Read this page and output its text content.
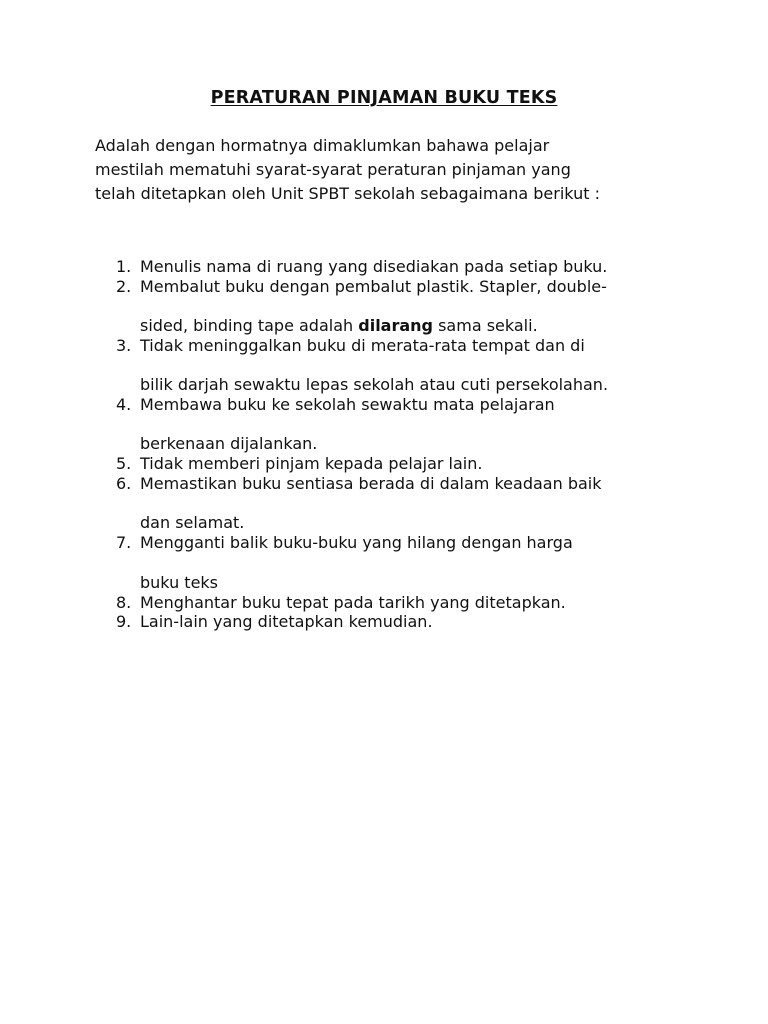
PERATURAN PINJAMAN BUKU TEKS
Adalah dengan hormatnya dimaklumkan bahawa pelajar
mestilah mematuhi syarat-syarat peraturan pinjaman yang
telah ditetapkan oleh Unit SPBT sekolah sebagaimana berikut :
1. Menulis nama di ruang yang disediakan pada setiap buku.
2. Membalut buku dengan pembalut plastik. Stapler, double-
sided, binding tape adalah dilarang sama sekali.
3. Tidak meninggalkan buku di merata-rata tempat dan di
bilik darjah sewaktu lepas sekolah atau cuti persekolahan.
4. Membawa buku ke sekolah sewaktu mata pelajaran
berkenaan dijalankan.
5. Tidak memberi pinjam kepada pelajar lain.
6. Memastikan buku sentiasa berada di dalam keadaan baik
dan selamat.
7. Mengganti balik buku-buku yang hilang dengan harga
buku teks
8. Menghantar buku tepat pada tarikh yang ditetapkan.
9. Lain-lain yang ditetapkan kemudian.
